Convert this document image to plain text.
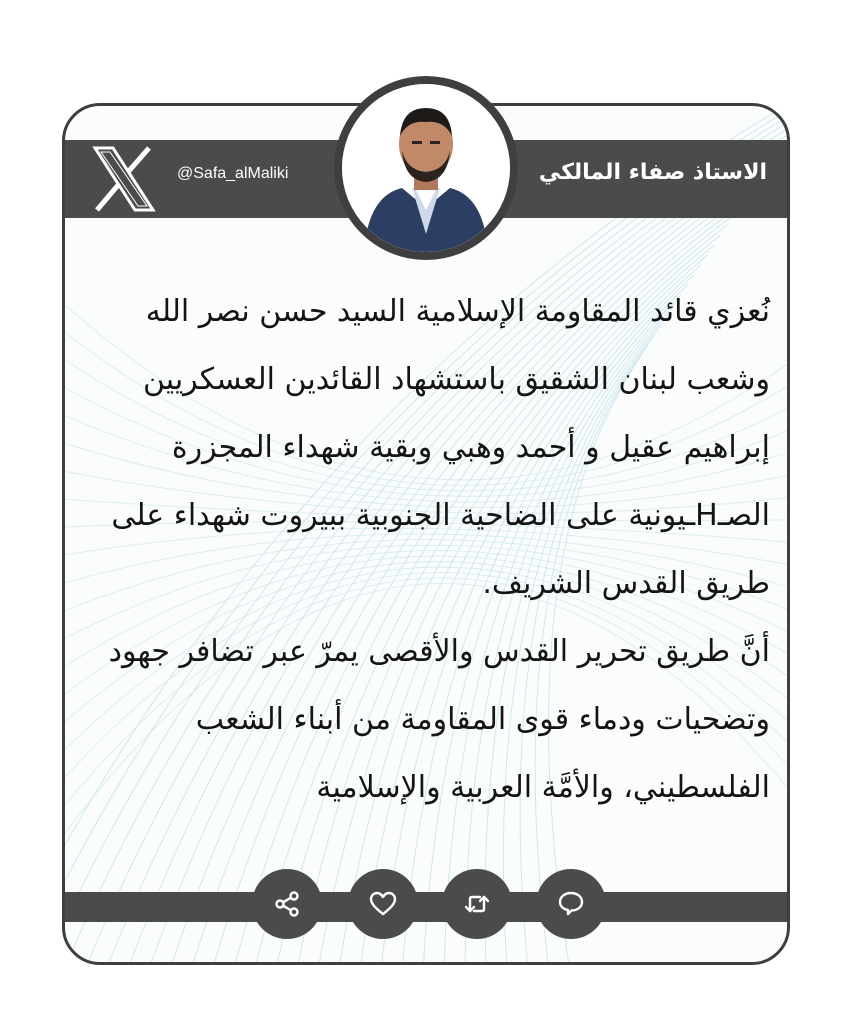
@Safa_alMaliki	الاستاذ صفاء المالكي

نُعزي قائد المقاومة الإسلامية السيد حسن نصر الله وشعب لبنان الشقيق باستشهاد القائدين العسكريين إبراهيم عقيل و أحمد وهبي وبقية شهداء المجزرة الصـHـيونية على الضاحية الجنوبية ببيروت شهداء على طريق القدس الشريف.

أنَّ طريق تحرير القدس والأقصى يمرّ عبر تضافر جهود وتضحيات ودماء قوى المقاومة من أبناء الشعب الفلسطيني، والأمَّة العربية والإسلامية
